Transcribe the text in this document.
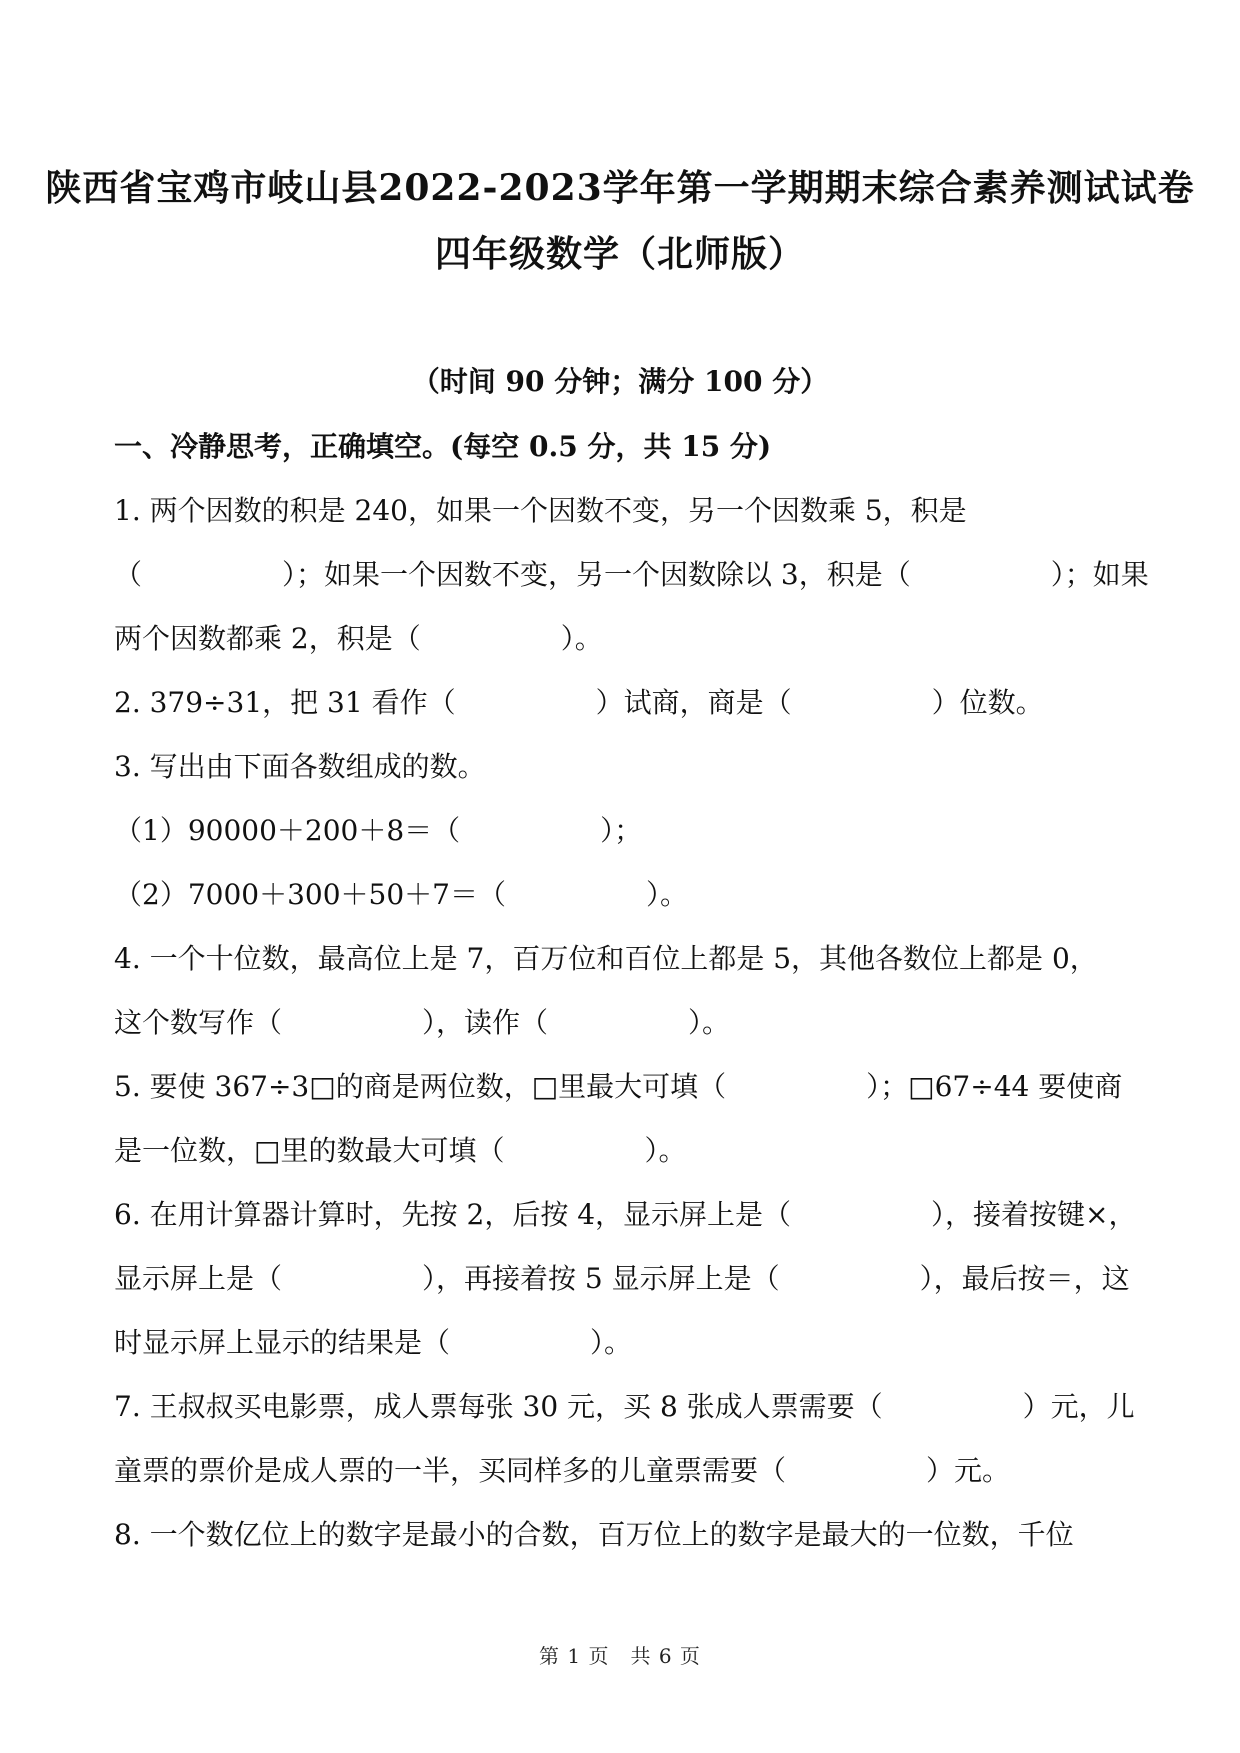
陕西省宝鸡市岐山县2022-2023学年第一学期期末综合素养测试试卷
四年级数学（北师版）
（时间 90 分钟；满分 100 分）
一、冷静思考，正确填空。(每空 0.5 分，共 15 分)
1. 两个因数的积是 240，如果一个因数不变，另一个因数乘 5，积是
（　　　　　）；如果一个因数不变，另一个因数除以 3，积是（　　　　　）；如果
两个因数都乘 2，积是（　　　　　）。
2. 379÷31，把 31 看作（　　　　　）试商，商是（　　　　　）位数。
3. 写出由下面各数组成的数。
（1）90000＋200＋8＝（　　　　　）；
（2）7000＋300＋50＋7＝（　　　　　）。
4. 一个十位数，最高位上是 7，百万位和百位上都是 5，其他各数位上都是 0，
这个数写作（　　　　　），读作（　　　　　）。
5. 要使 367÷3□的商是两位数，□里最大可填（　　　　　）；□67÷44 要使商
是一位数，□里的数最大可填（　　　　　）。
6. 在用计算器计算时，先按 2，后按 4，显示屏上是（　　　　　），接着按键×，
显示屏上是（　　　　　），再接着按 5 显示屏上是（　　　　　），最后按＝，这
时显示屏上显示的结果是（　　　　　）。
7. 王叔叔买电影票，成人票每张 30 元，买 8 张成人票需要（　　　　　）元，儿
童票的票价是成人票的一半，买同样多的儿童票需要（　　　　　）元。
8. 一个数亿位上的数字是最小的合数，百万位上的数字是最大的一位数，千位
第 1 页　共 6 页
